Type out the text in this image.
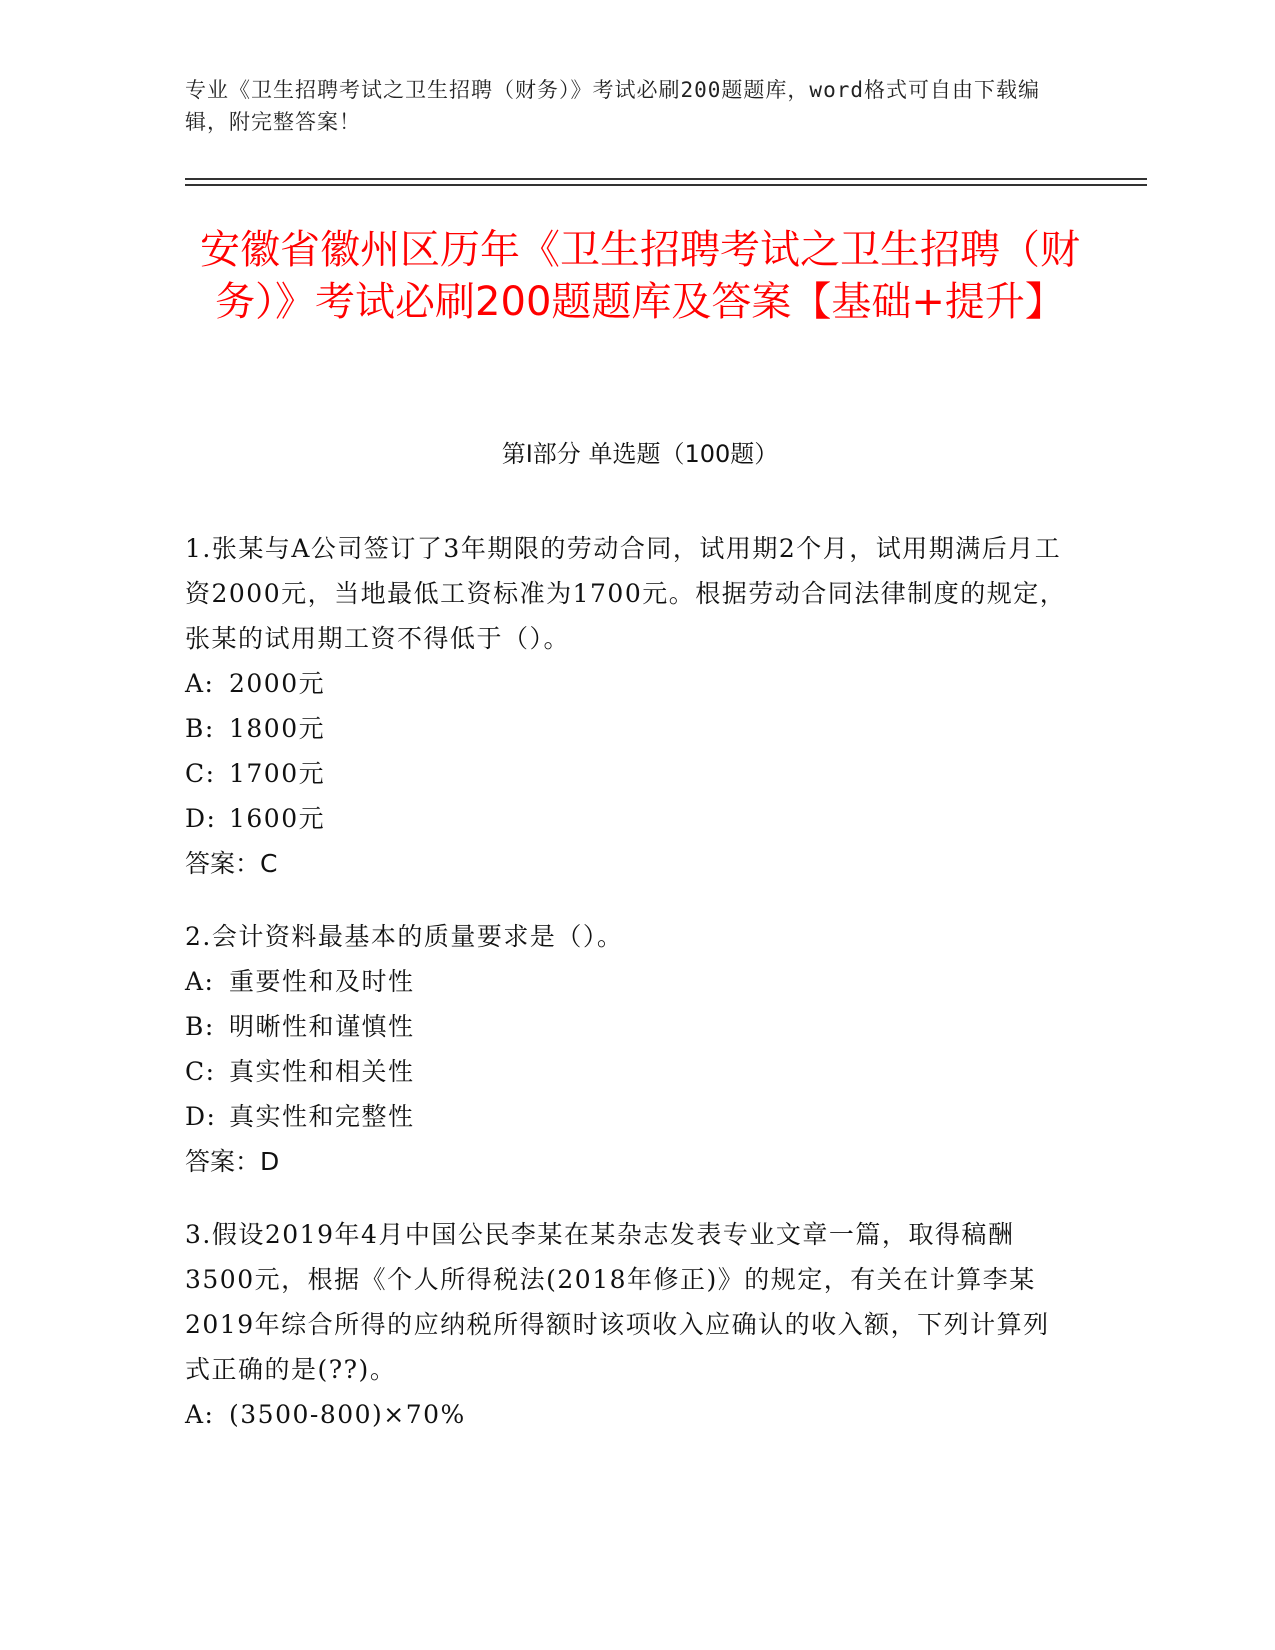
专业《卫生招聘考试之卫生招聘（财务）》考试必刷200题题库，word格式可自由下载编辑，附完整答案！
安徽省徽州区历年《卫生招聘考试之卫生招聘（财务）》考试必刷200题题库及答案【基础+提升】
第Ⅰ部分 单选题（100题）
1.张某与A公司签订了3年期限的劳动合同，试用期2个月，试用期满后月工资2000元，当地最低工资标准为1700元。根据劳动合同法律制度的规定，张某的试用期工资不得低于（）。
A: 2000元
B: 1800元
C: 1700元
D: 1600元
答案：C
2.会计资料最基本的质量要求是（）。
A: 重要性和及时性
B: 明晰性和谨慎性
C: 真实性和相关性
D: 真实性和完整性
答案：D
3.假设2019年4月中国公民李某在某杂志发表专业文章一篇，取得稿酬3500元，根据《个人所得税法(2018年修正)》的规定，有关在计算李某2019年综合所得的应纳税所得额时该项收入应确认的收入额，下列计算列式正确的是(??)。
A: (3500-800)×70%
